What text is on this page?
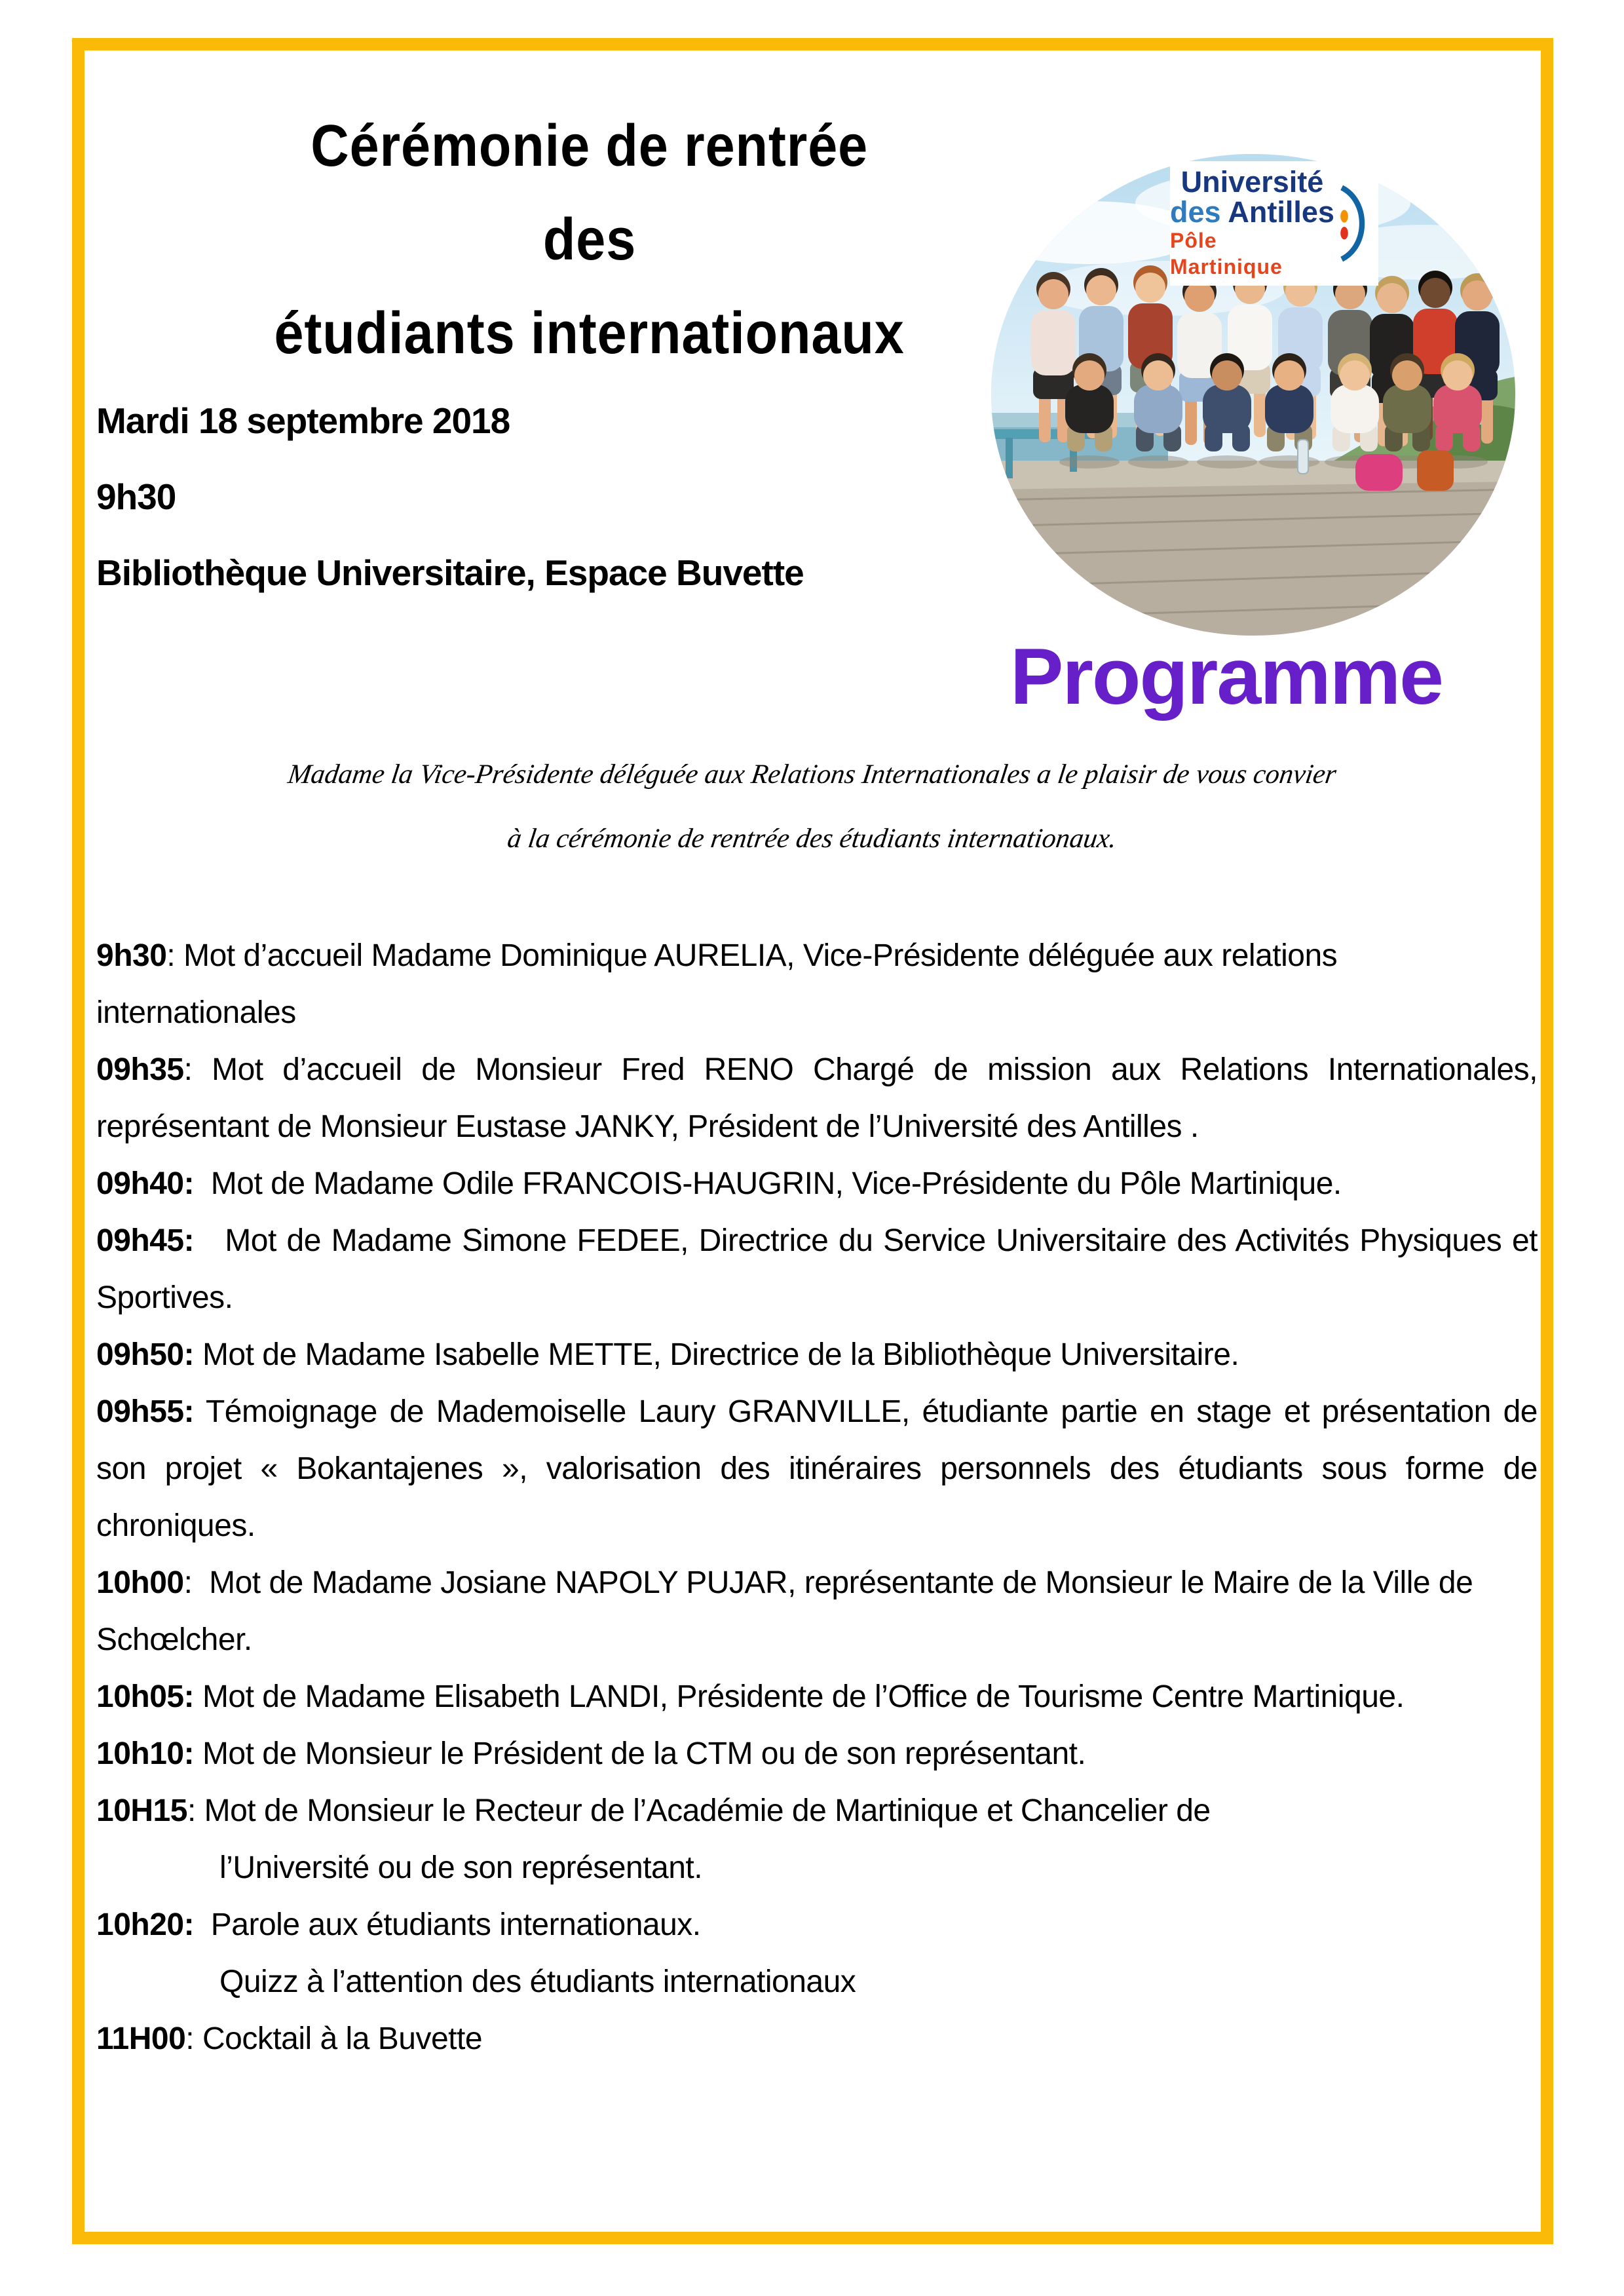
Cérémonie de rentrée
des
étudiants internationaux
Mardi 18 septembre 2018
9h30
Bibliothèque Universitaire, Espace Buvette
Université
des Antilles
Pôle Martinique
Programme
Madame la Vice-Présidente déléguée aux Relations Internationales a le plaisir de vous convier
à la cérémonie de rentrée des étudiants internationaux.

9h30: Mot d’accueil Madame Dominique AURELIA, Vice-Présidente déléguée aux relations internationales

09h35: Mot d’accueil de Monsieur Fred RENO Chargé de mission aux Relations Internationales, représentant de Monsieur Eustase JANKY, Président de l’Université des Antilles .

09h40: Mot de Madame Odile FRANCOIS-HAUGRIN, Vice-Présidente du Pôle Martinique.

09h45: Mot de Madame Simone FEDEE, Directrice du Service Universitaire des Activités Physiques et Sportives.

09h50: Mot de Madame Isabelle METTE, Directrice de la Bibliothèque Universitaire.

09h55: Témoignage de Mademoiselle Laury GRANVILLE, étudiante partie en stage et présentation de son projet « Bokantajenes », valorisation des itinéraires personnels des étudiants sous forme de chroniques.

10h00:  Mot de Madame Josiane NAPOLY PUJAR, représentante de Monsieur le Maire de la Ville de Schœlcher.

10h05: Mot de Madame Elisabeth LANDI, Présidente de l’Office de Tourisme Centre Martinique.

10h10: Mot de Monsieur le Président de la CTM ou de son représentant.

10H15: Mot de Monsieur le Recteur de l’Académie de Martinique et Chancelier de

l’Université ou de son représentant.

10h20: Parole aux étudiants internationaux.

Quizz à l’attention des étudiants internationaux

11H00: Cocktail à la Buvette
